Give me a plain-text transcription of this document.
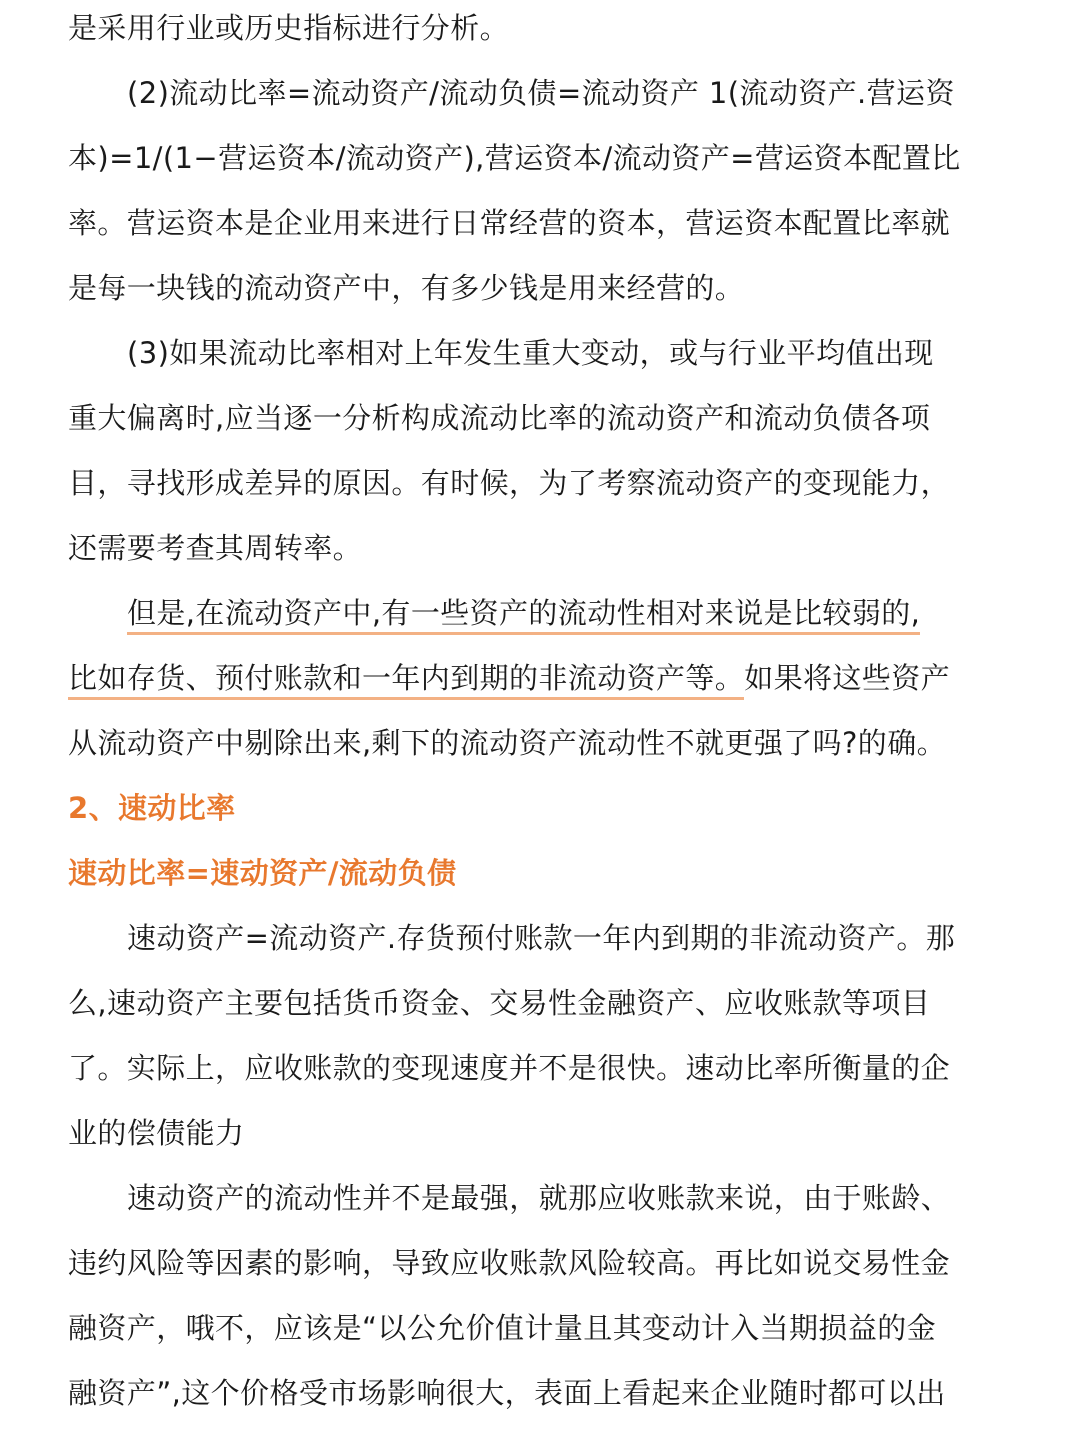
是采用行业或历史指标进行分析。
(2)流动比率=流动资产/流动负债=流动资产 1(流动资产.营运资
本)=1/(1−营运资本/流动资产),营运资本/流动资产=营运资本配置比
率。营运资本是企业用来进行日常经营的资本，营运资本配置比率就
是每一块钱的流动资产中，有多少钱是用来经营的。
(3)如果流动比率相对上年发生重大变动，或与行业平均值出现
重大偏离时,应当逐一分析构成流动比率的流动资产和流动负债各项
目，寻找形成差异的原因。有时候，为了考察流动资产的变现能力，
还需要考查其周转率。
但是,在流动资产中,有一些资产的流动性相对来说是比较弱的,
比如存货、预付账款和一年内到期的非流动资产等。如果将这些资产
从流动资产中剔除出来,剩下的流动资产流动性不就更强了吗?的确。
2、速动比率
速动比率=速动资产/流动负债
速动资产=流动资产.存货预付账款一年内到期的非流动资产。那
么,速动资产主要包括货币资金、交易性金融资产、应收账款等项目
了。实际上，应收账款的变现速度并不是很快。速动比率所衡量的企
业的偿债能力
速动资产的流动性并不是最强，就那应收账款来说，由于账龄、
违约风险等因素的影响，导致应收账款风险较高。再比如说交易性金
融资产，哦不，应该是“以公允价值计量且其变动计入当期损益的金
融资产”,这个价格受市场影响很大，表面上看起来企业随时都可以出
